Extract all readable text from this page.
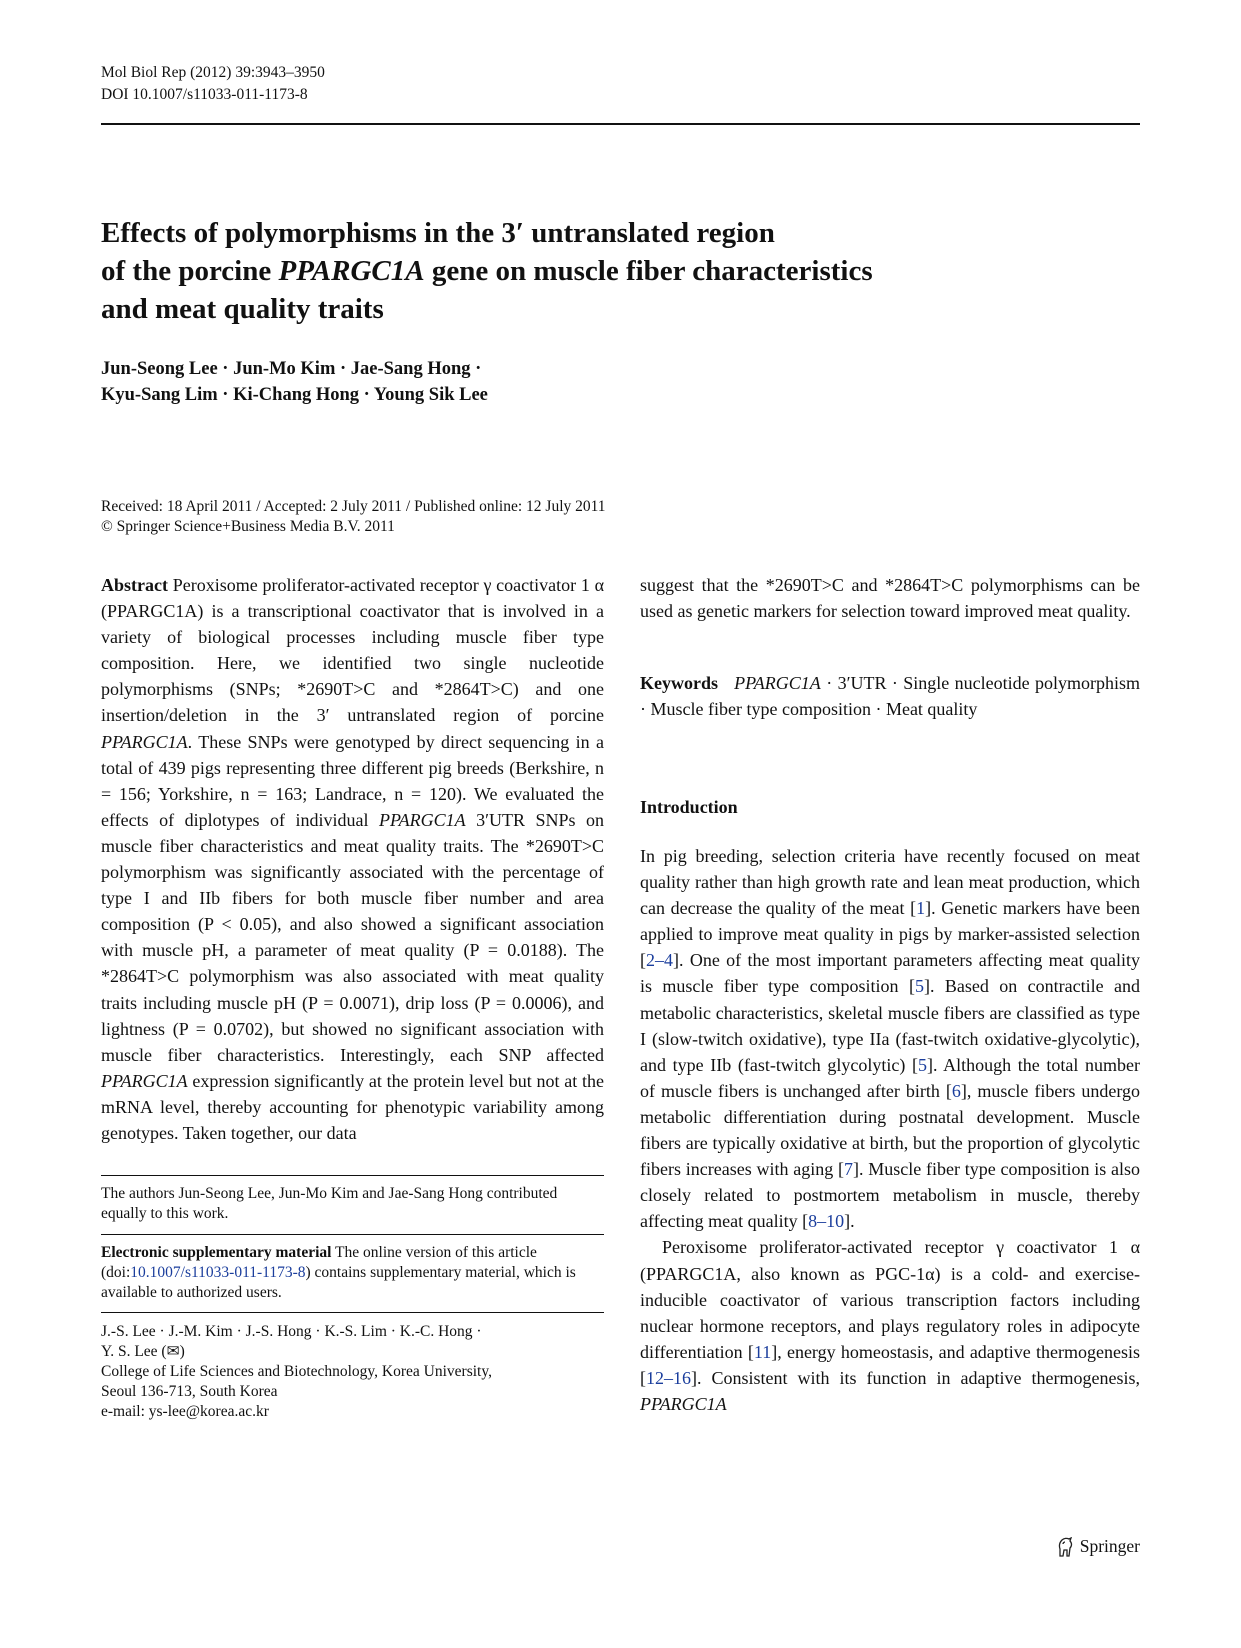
Mol Biol Rep (2012) 39:3943–3950
DOI 10.1007/s11033-011-1173-8
Effects of polymorphisms in the 3′ untranslated region
of the porcine PPARGC1A gene on muscle fiber characteristics
and meat quality traits
Jun-Seong Lee · Jun-Mo Kim · Jae-Sang Hong ·
Kyu-Sang Lim · Ki-Chang Hong · Young Sik Lee
Received: 18 April 2011 / Accepted: 2 July 2011 / Published online: 12 July 2011
© Springer Science+Business Media B.V. 2011

Abstract Peroxisome proliferator-activated receptor γ coactivator 1 α (PPARGC1A) is a transcriptional coactivator that is involved in a variety of biological processes including muscle fiber type composition. Here, we identified two single nucleotide polymorphisms (SNPs; *2690T>C and *2864T>C) and one insertion/deletion in the 3′ untranslated region of porcine PPARGC1A. These SNPs were genotyped by direct sequencing in a total of 439 pigs representing three different pig breeds (Berkshire, n = 156; Yorkshire, n = 163; Landrace, n = 120). We evaluated the effects of diplotypes of individual PPARGC1A 3′UTR SNPs on muscle fiber characteristics and meat quality traits. The *2690T>C polymorphism was significantly associated with the percentage of type I and IIb fibers for both muscle fiber number and area composition (P < 0.05), and also showed a significant association with muscle pH, a parameter of meat quality (P = 0.0188). The *2864T>C polymorphism was also associated with meat quality traits including muscle pH (P = 0.0071), drip loss (P = 0.0006), and lightness (P = 0.0702), but showed no significant association with muscle fiber characteristics. Interestingly, each SNP affected PPARGC1A expression significantly at the protein level but not at the mRNA level, thereby accounting for phenotypic variability among genotypes. Taken together, our data

The authors Jun-Seong Lee, Jun-Mo Kim and Jae-Sang Hong contributed equally to this work.
Electronic supplementary material The online version of this article (doi:10.1007/s11033-011-1173-8) contains supplementary material, which is available to authorized users.
J.-S. Lee · J.-M. Kim · J.-S. Hong · K.-S. Lim · K.-C. Hong ·
Y. S. Lee (✉)
College of Life Sciences and Biotechnology, Korea University,
Seoul 136-713, South Korea
e-mail: ys-lee@korea.ac.kr

suggest that the *2690T>C and *2864T>C polymorphisms can be used as genetic markers for selection toward improved meat quality.

Keywords PPARGC1A · 3′UTR · Single nucleotide polymorphism · Muscle fiber type composition · Meat quality

Introduction

In pig breeding, selection criteria have recently focused on meat quality rather than high growth rate and lean meat production, which can decrease the quality of the meat [1]. Genetic markers have been applied to improve meat quality in pigs by marker-assisted selection [2–4]. One of the most important parameters affecting meat quality is muscle fiber type composition [5]. Based on contractile and metabolic characteristics, skeletal muscle fibers are classified as type I (slow-twitch oxidative), type IIa (fast-twitch oxidative-glycolytic), and type IIb (fast-twitch glycolytic) [5]. Although the total number of muscle fibers is unchanged after birth [6], muscle fibers undergo metabolic differentiation during postnatal development. Muscle fibers are typically oxidative at birth, but the proportion of glycolytic fibers increases with aging [7]. Muscle fiber type composition is also closely related to postmortem metabolism in muscle, thereby affecting meat quality [8–10].

Peroxisome proliferator-activated receptor γ coactivator 1 α (PPARGC1A, also known as PGC-1α) is a cold- and exercise-inducible coactivator of various transcription factors including nuclear hormone receptors, and plays regulatory roles in adipocyte differentiation [11], energy homeostasis, and adaptive thermogenesis [12–16]. Consistent with its function in adaptive thermogenesis, PPARGC1A

Springer
